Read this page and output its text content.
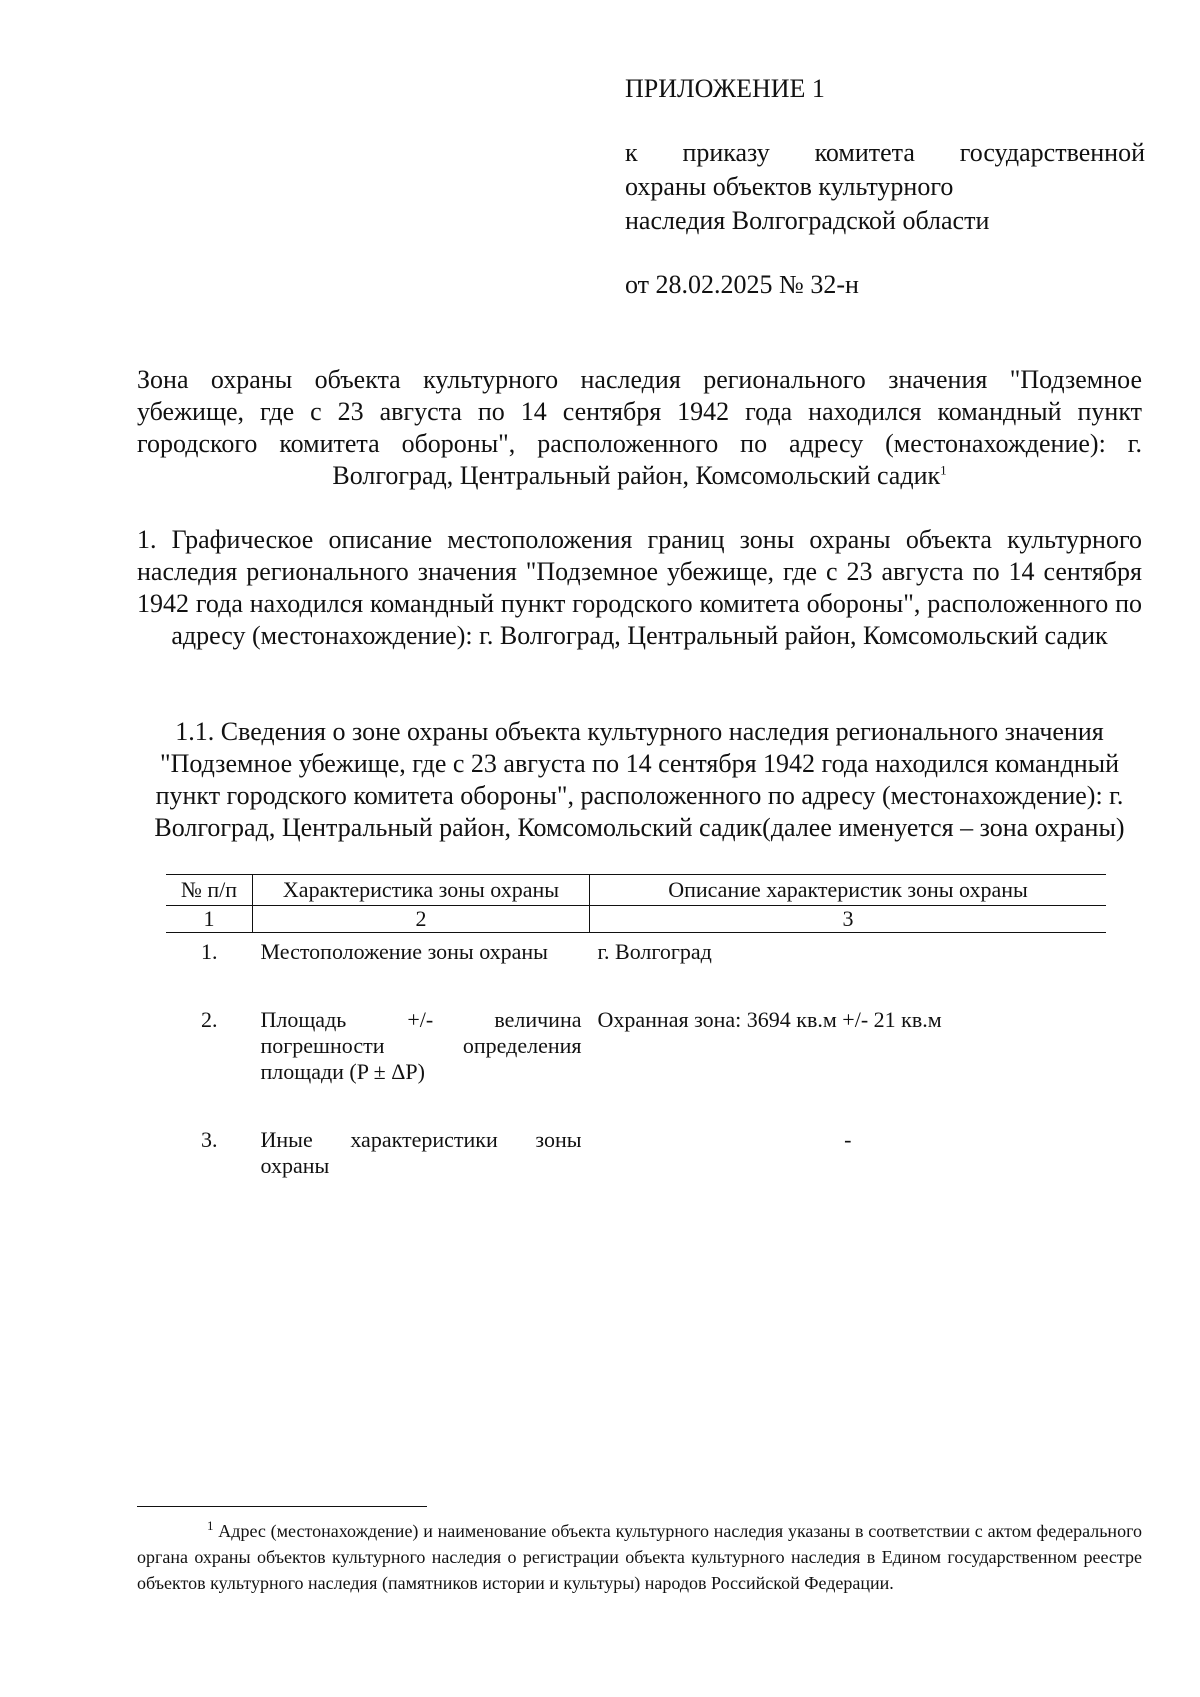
ПРИЛОЖЕНИЕ 1
к приказу комитета государственной
охраны объектов культурного
наследия Волгоградской области
от 28.02.2025 № 32-н
Зона охраны объекта культурного наследия регионального значения "Подземное убежище, где с 23 августа по 14 сентября 1942 года находился командный пункт городского комитета обороны", расположенного по адресу (местонахождение): г. Волгоград, Центральный район, Комсомольский садик$^1$
1. Графическое описание местоположения границ зоны охраны объекта культурного наследия регионального значения "Подземное убежище, где с 23 августа по 14 сентября 1942 года находился командный пункт городского комитета обороны", расположенного по адресу (местонахождение): г. Волгоград, Центральный район, Комсомольский садик
1.1. Сведения о зоне охраны объекта культурного наследия регионального значения "Подземное убежище, где с 23 августа по 14 сентября 1942 года находился командный пункт городского комитета обороны", расположенного по адресу (местонахождение): г. Волгоград, Центральный район, Комсомольский садик(далее именуется – зона охраны)
№ п/п	Характеристика зоны охраны	Описание характеристик зоны охраны
1	2	3
1.	Местоположение зоны охраны	г. Волгоград

2.	Площадь +/- величина погрешности определения площади (P ± ΔP)	Охранная зона: 3694 кв.м +/- 21 кв.м

3.	Иные характеристики зоны охраны	-
$^1$ Адрес (местонахождение) и наименование объекта культурного наследия указаны в соответствии с актом федерального органа охраны объектов культурного наследия о регистрации объекта культурного наследия в Едином государственном реестре объектов культурного наследия (памятников истории и культуры) народов Российской Федерации.
